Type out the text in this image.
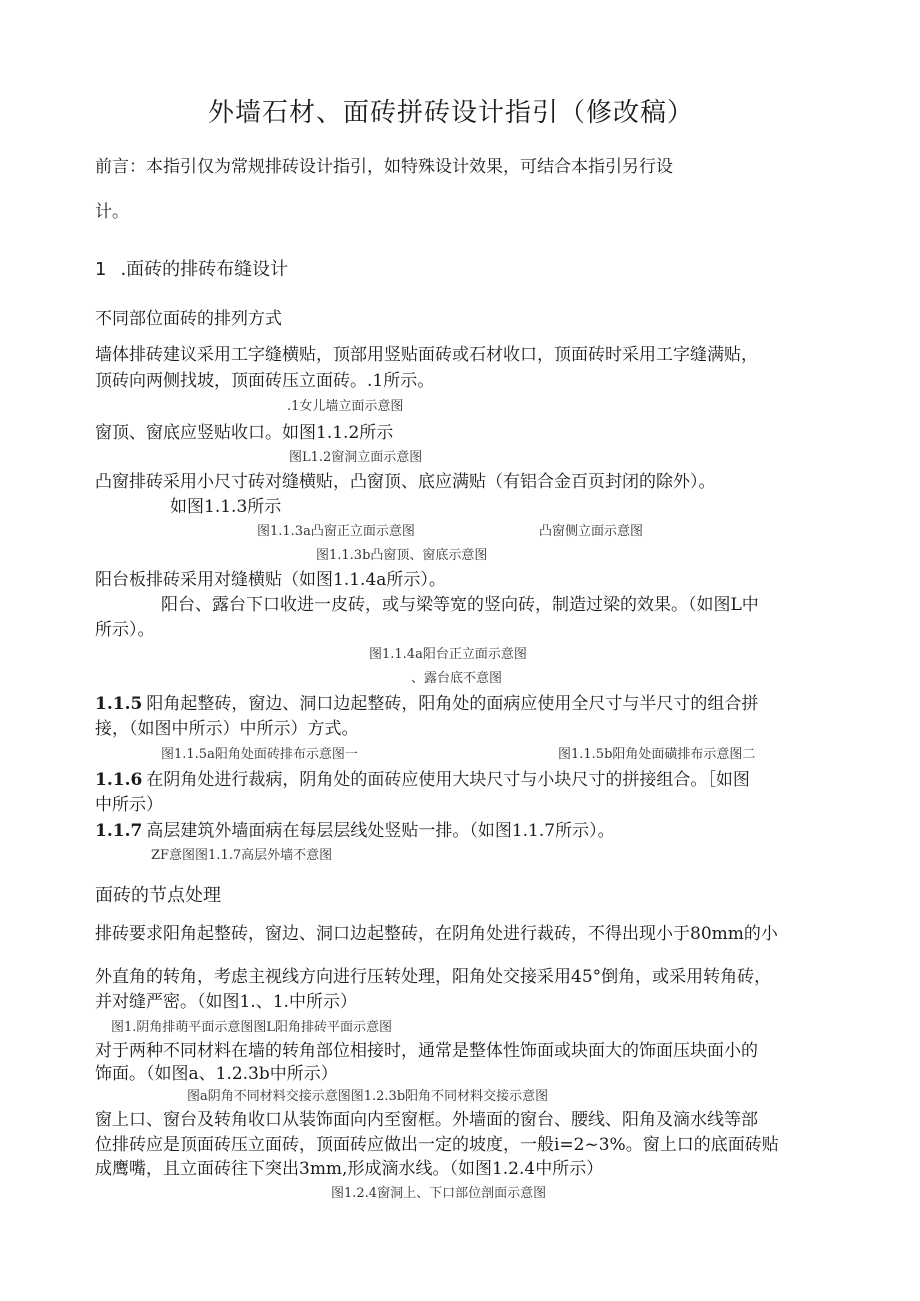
外墙石材、面砖拼砖设计指引（修改稿）
前言：本指引仅为常规排砖设计指引，如特殊设计效果，可结合本指引另行设
计。
1 .面砖的排砖布缝设计
不同部位面砖的排列方式
墙体排砖建议采用工字缝横贴，顶部用竖贴面砖或石材收口，顶面砖时采用工字缝满贴，
顶砖向两侧找坡，顶面砖压立面砖。.1所示。
.1女儿墙立面示意图
窗顶、窗底应竖贴收口。如图1.1.2所示
图L1.2窗洞立面示意图
凸窗排砖采用小尺寸砖对缝横贴，凸窗顶、底应满贴（有铝合金百页封闭的除外）。
如图1.1.3所示
图1.1.3a凸窗正立面示意图	凸窗侧立面示意图
图1.1.3b凸窗顶、窗底示意图
阳台板排砖采用对缝横贴（如图1.1.4a所示）。
阳台、露台下口收进一皮砖，或与梁等宽的竖向砖，制造过梁的效果。（如图L中
所示）。
图1.1.4a阳台正立面示意图
、露台底不意图
1.1.5 阳角起整砖，窗边、洞口边起整砖，阳角处的面病应使用全尺寸与半尺寸的组合拼
接，（如图中所示）中所示）方式。
图1.1.5a阳角处面砖排布示意图一	图1.1.5b阳角处面磺排布示意图二
1.1.6 在阴角处进行裁病，阴角处的面砖应使用大块尺寸与小块尺寸的拼接组合。［如图
中所示）
1.1.7 高层建筑外墙面病在每层层线处竖贴一排。（如图1.1.7所示）。
ZF意图图1.1.7高层外墙不意图
面砖的节点处理
排砖要求阳角起整砖，窗边、洞口边起整砖，在阴角处进行裁砖，不得出现小于80mm的小
外直角的转角，考虑主视线方向进行压转处理，阳角处交接采用45°倒角，或采用转角砖，
并对缝严密。（如图1.、1.中所示）
图1.阴角排萌平面示意图图L阳角排砖平面示意图
对于两种不同材料在墙的转角部位相接时，通常是整体性饰面或块面大的饰面压块面小的
饰面。（如图a、1.2.3b中所示）
图a阴角不同材料交接示意图图1.2.3b阳角不同材料交接示意图
窗上口、窗台及转角收口从装饰面向内至窗框。外墙面的窗台、腰线、阳角及滴水线等部
位排砖应是顶面砖压立面砖，顶面砖应做出一定的坡度，一般i=2~3%。窗上口的底面砖贴
成鹰嘴，且立面砖往下突出3mm,形成滴水线。（如图1.2.4中所示）
图1.2.4窗洞上、下口部位剖面示意图
